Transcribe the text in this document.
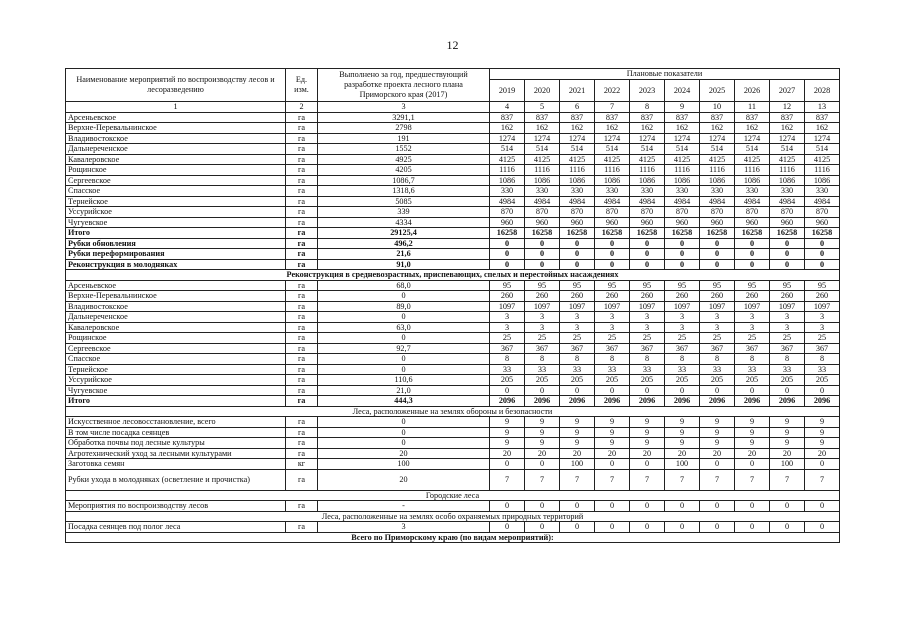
12
Наименование мероприятий по воспроизводству лесов и лесоразведению	Ед. изм.	Выполнено за год, предшествующий разработке проекта лесного плана Приморского края (2017)	Плановые показатели									
			2019	2020	2021	2022	2023	2024	2025	2026	2027	2028
1	2	3	4	5	6	7	8	9	10	11	12	13
Арсеньевское	га	3291,1	837	837	837	837	837	837	837	837	837	837
Верхне-Перевальнинское	га	2798	162	162	162	162	162	162	162	162	162	162
Владивостокское	га	191	1274	1274	1274	1274	1274	1274	1274	1274	1274	1274
Дальнереченское	га	1552	514	514	514	514	514	514	514	514	514	514
Кавалеровское	га	4925	4125	4125	4125	4125	4125	4125	4125	4125	4125	4125
Рощинское	га	4205	1116	1116	1116	1116	1116	1116	1116	1116	1116	1116
Сергеевское	га	1086,7	1086	1086	1086	1086	1086	1086	1086	1086	1086	1086
Спасское	га	1318,6	330	330	330	330	330	330	330	330	330	330
Тернейское	га	5085	4984	4984	4984	4984	4984	4984	4984	4984	4984	4984
Уссурийское	га	339	870	870	870	870	870	870	870	870	870	870
Чугуевское	га	4334	960	960	960	960	960	960	960	960	960	960
Итого	га	29125,4	16258	16258	16258	16258	16258	16258	16258	16258	16258	16258
Рубки обновления	га	496,2	0	0	0	0	0	0	0	0	0	0
Рубки переформирования	га	21,6	0	0	0	0	0	0	0	0	0	0
Реконструкция в молодняках	га	91,0	0	0	0	0	0	0	0	0	0	0
Реконструкция в средневозрастных, приспевающих, спелых и перестойных насаждениях												
Арсеньевское	га	68,0	95	95	95	95	95	95	95	95	95	95
Верхне-Перевальнинское	га	0	260	260	260	260	260	260	260	260	260	260
Владивостокское	га	89,0	1097	1097	1097	1097	1097	1097	1097	1097	1097	1097
Дальнереченское	га	0	3	3	3	3	3	3	3	3	3	3
Кавалеровское	га	63,0	3	3	3	3	3	3	3	3	3	3
Рощинское	га	0	25	25	25	25	25	25	25	25	25	25
Сергеевское	га	92,7	367	367	367	367	367	367	367	367	367	367
Спасское	га	0	8	8	8	8	8	8	8	8	8	8
Тернейское	га	0	33	33	33	33	33	33	33	33	33	33
Уссурийское	га	110,6	205	205	205	205	205	205	205	205	205	205
Чугуевское	га	21,0	0	0	0	0	0	0	0	0	0	0
Итого	га	444,3	2096	2096	2096	2096	2096	2096	2096	2096	2096	2096
Леса, расположенные на землях обороны и безопасности												
Искусственное лесовосстановление, всего	га	0	9	9	9	9	9	9	9	9	9	9
В том числе посадка сеянцев	га	0	9	9	9	9	9	9	9	9	9	9
Обработка почвы под лесные культуры	га	0	9	9	9	9	9	9	9	9	9	9
Агротехнический уход за лесными культурами	га	20	20	20	20	20	20	20	20	20	20	20
Заготовка семян	кг	100	0	0	100	0	0	100	0	0	100	0
Рубки ухода в молодняках (осветление и прочистка)	га	20	7	7	7	7	7	7	7	7	7	7
Городские леса												
Мероприятия по воспроизводству лесов	га	-	0	0	0	0	0	0	0	0	0	0
Леса, расположенные на землях особо охраняемых природных территорий												
Посадка сеянцев под полог леса	га	3	0	0	0	0	0	0	0	0	0	0
Всего по Приморскому краю (по видам мероприятий):												
